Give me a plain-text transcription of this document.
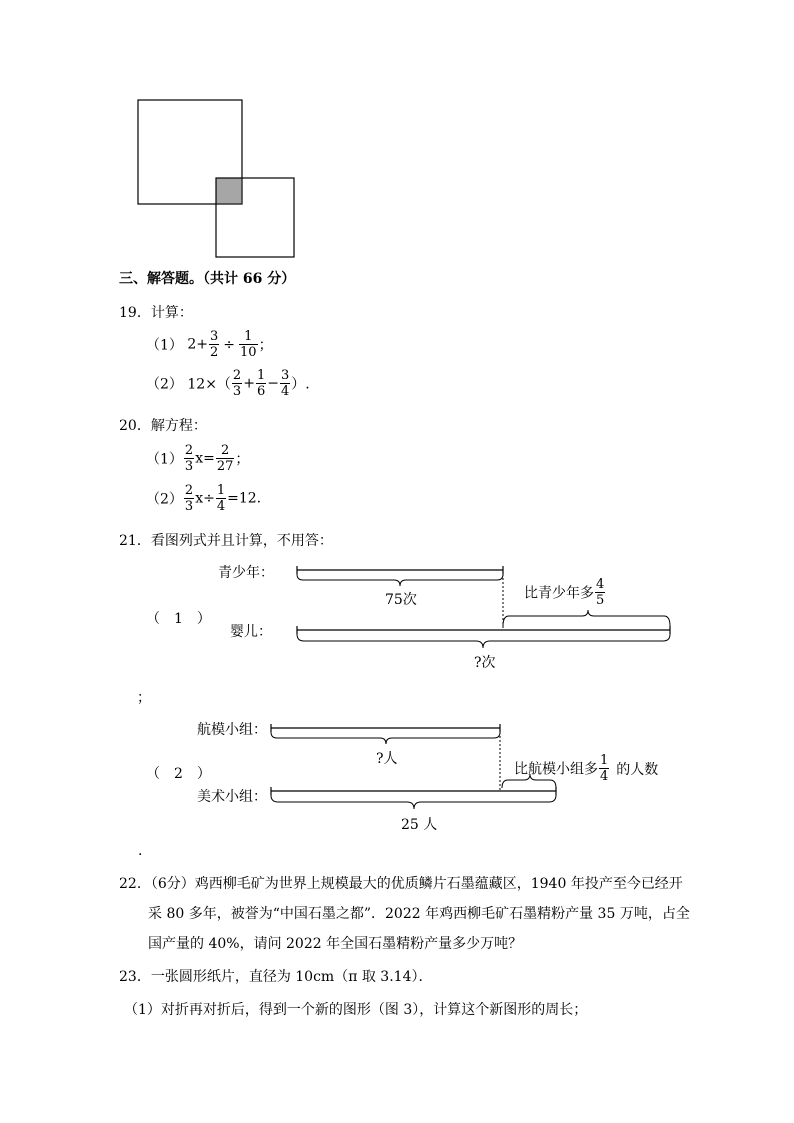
三、解答题。（共计 66 分）
19．计算：
（1） $2+ \frac{3}{2} \div \frac{1}{10}$ ；
（2） $12\times( \frac{2}{3} + \frac{1}{6} - \frac{3}{4}$ ）.
20．解方程：
$(1) \frac{2}{3} x= \frac{2}{27}$ ；
$(2) \frac{2}{3} x\div \frac{1}{4} =12$.
21．看图列式并且计算，不用答：
青少年：
75次	比青少年多 $\frac{4}{5}$
（　1　）
婴儿：
?次
；
航模小组：
?人
比航模小组多 $\frac{1}{4}$ 的人数
（　2　）
美术小组：
25 人
.
22．（6分）鸡西柳毛矿为世界上规模最大的优质鳞片石墨蕴藏区，1940 年投产至今已经开
采 80 多年，被誉为“中国石墨之都”．2022 年鸡西柳毛矿石墨精粉产量 35 万吨，占全
国产量的 40%，请问 2022 年全国石墨精粉产量多少万吨？
23．一张圆形纸片，直径为 10cm（π 取 3.14）．
（1）对折再对折后，得到一个新的图形（图 3），计算这个新图形的周长；
